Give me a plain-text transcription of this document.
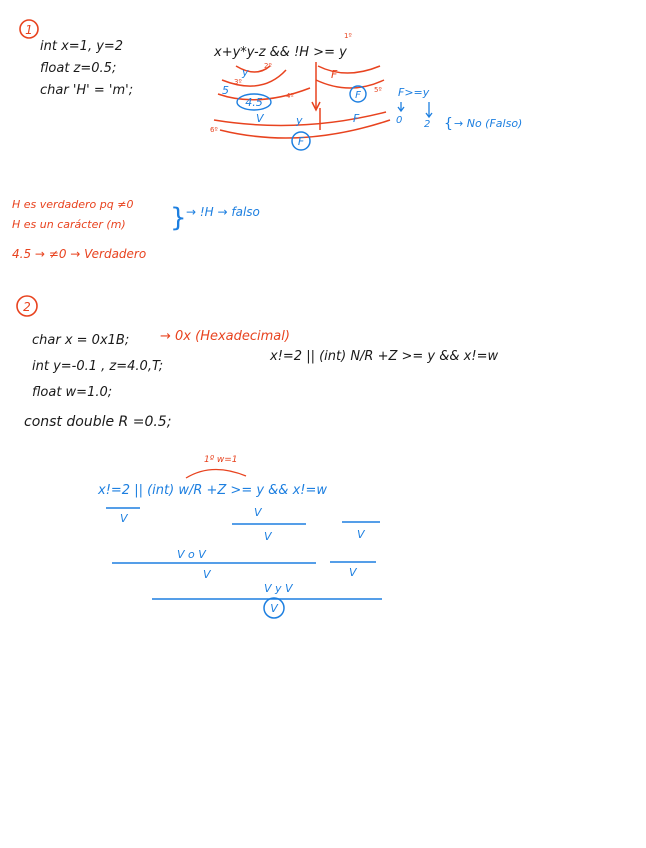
1
int x=1, y=2
float z=0.5;
char 'H' = 'm';
x+y*y-z && !H >= y
1º
2º
3º
4º
5º
6º
y	F
5
4.5
F
V	y	F
F
F>=y
0 2 { → No (Falso)
H es verdadero pq ≠0
H es un carácter (m) } → !H → falso
4.5 → ≠0 → Verdadero
2
char x = 0x1B; → 0x (Hexadecimal)
int y=-0.1 , z=4.0,T;
float w=1.0;
const double R =0.5;
x!=2 || (int) N/R +Z >= y && x!=w
1º w=1
x!=2 || (int) w/R +Z >= y && x!=w
V	V
V	V
V o V
V	V
V y V
V
